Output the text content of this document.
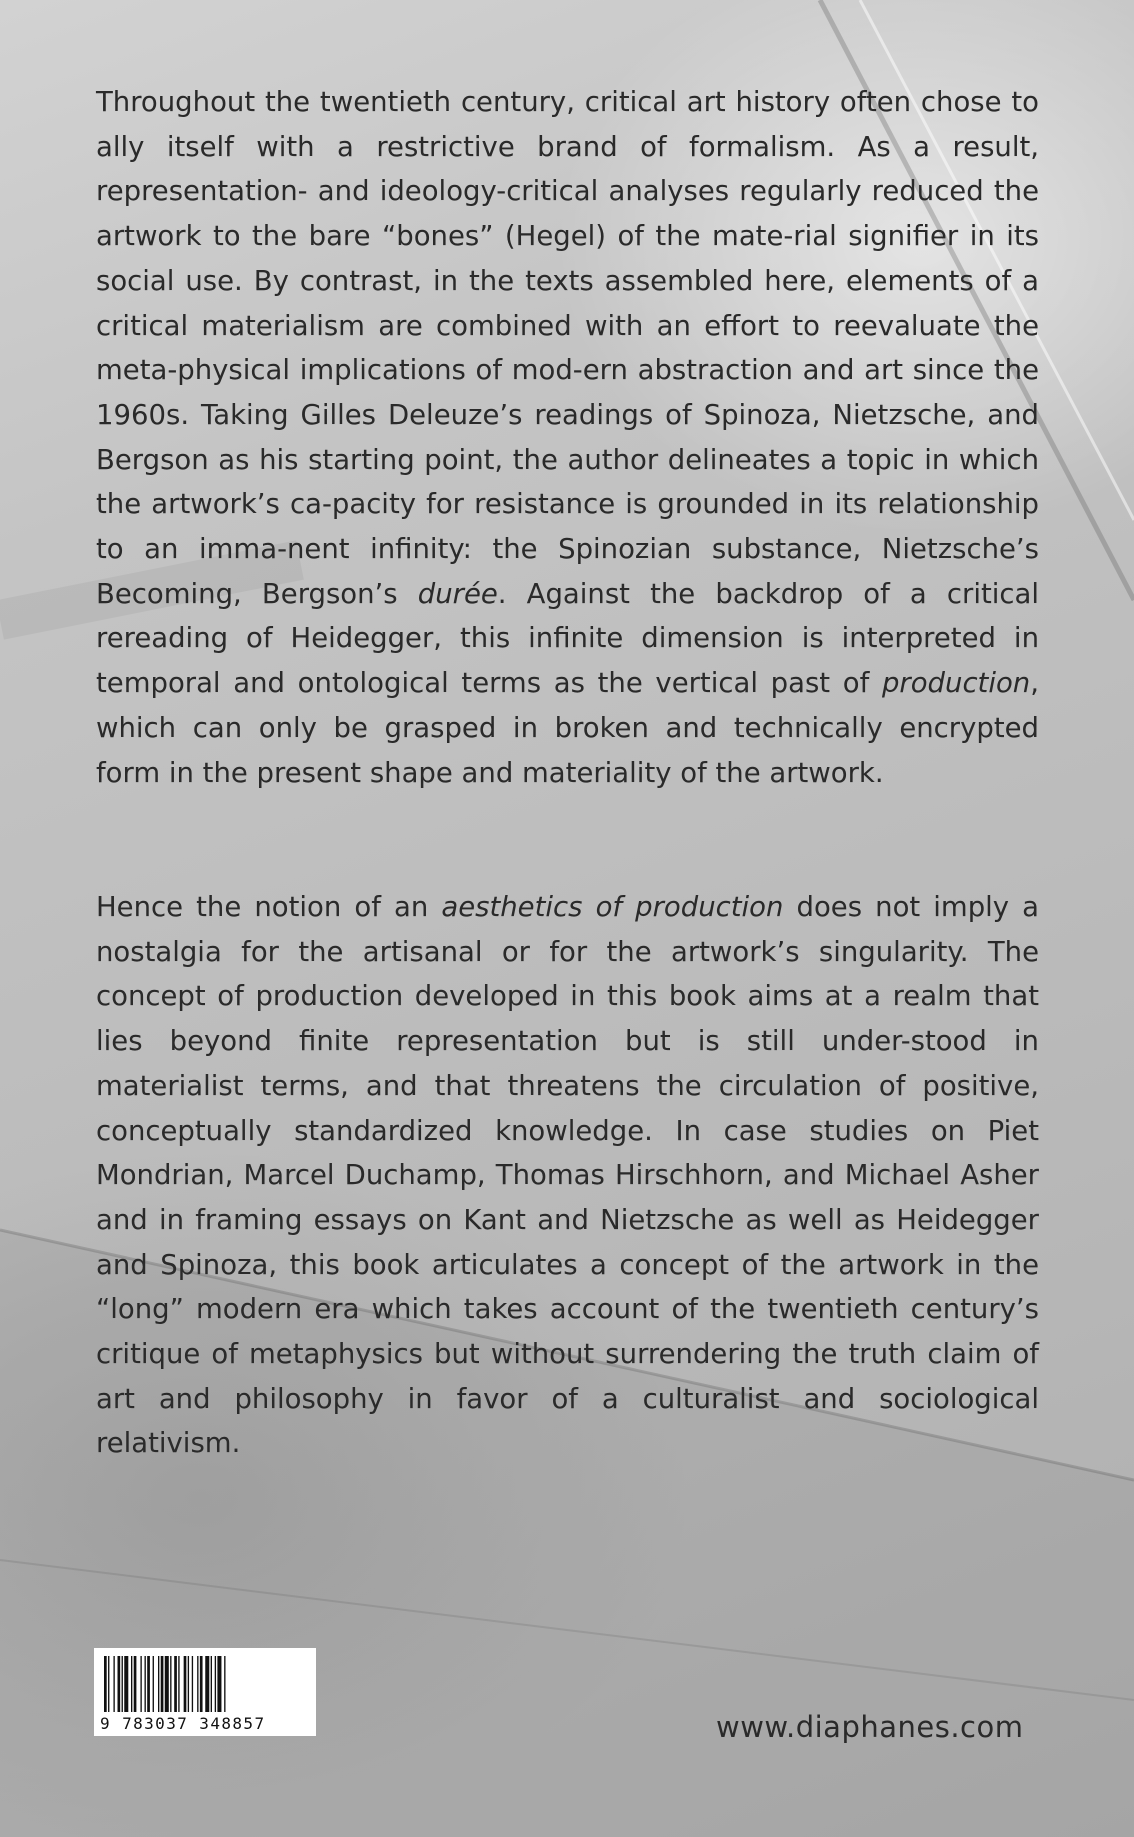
Throughout the twentieth century, critical art history often chose to ally itself with a restrictive brand of formalism. As a result, representation- and ideology-critical analyses regularly reduced the artwork to the bare “bones” (Hegel) of the mate-rial signifier in its social use. By contrast, in the texts assembled here, elements of a critical materialism are combined with an effort to reevaluate the meta-physical implications of mod-ern abstraction and art since the 1960s. Taking Gilles Deleuze’s readings of Spinoza, Nietzsche, and Bergson as his starting point, the author delineates a topic in which the artwork’s ca-pacity for resistance is grounded in its relationship to an imma-nent infinity: the Spinozian substance, Nietzsche’s Becoming, Bergson’s durée. Against the backdrop of a critical rereading of Heidegger, this infinite dimension is interpreted in temporal and ontological terms as the vertical past of production, which can only be grasped in broken and technically encrypted form in the present shape and materiality of the artwork.

Hence the notion of an aesthetics of production does not imply a nostalgia for the artisanal or for the artwork’s singularity. The concept of production developed in this book aims at a realm that lies beyond finite representation but is still under-stood in materialist terms, and that threatens the circulation of positive, conceptually standardized knowledge. In case studies on Piet Mondrian, Marcel Duchamp, Thomas Hirschhorn, and Michael Asher and in framing essays on Kant and Nietzsche as well as Heidegger and Spinoza, this book articulates a concept of the artwork in the “long” modern era which takes account of the twentieth century’s critique of metaphysics but without surrendering the truth claim of art and philosophy in favor of a culturalist and sociological relativism.

9 783037 348857	www.diaphanes.com
